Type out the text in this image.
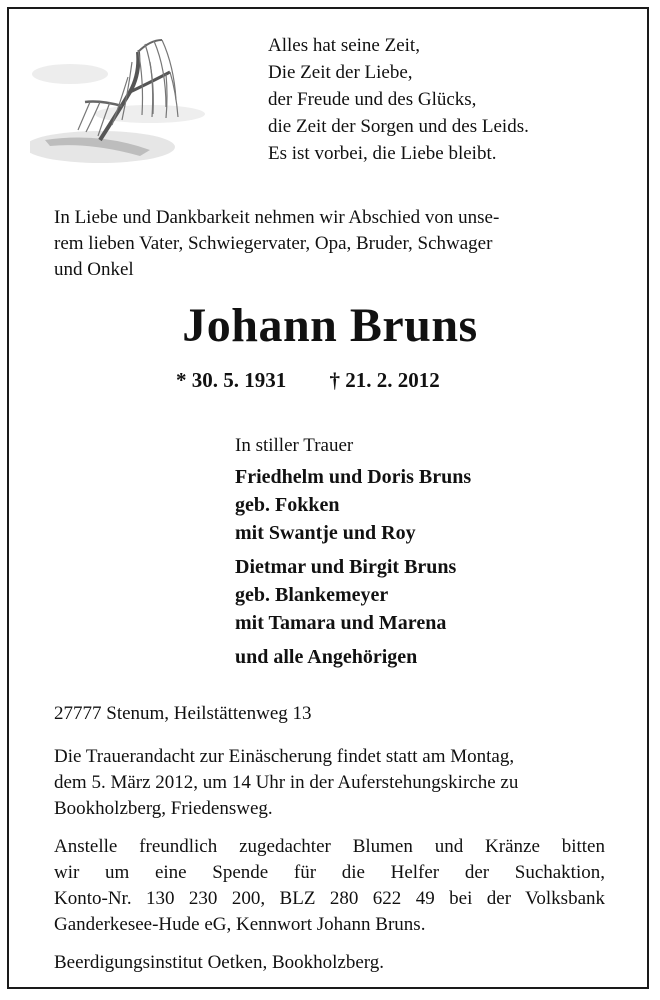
Alles hat seine Zeit,
Die Zeit der Liebe,
der Freude und des Glücks,
die Zeit der Sorgen und des Leids.
Es ist vorbei, die Liebe bleibt.
In Liebe und Dankbarkeit nehmen wir Abschied von unse-
rem lieben Vater, Schwiegervater, Opa, Bruder, Schwager
und Onkel
Johann Bruns
* 30. 5. 1931 † 21. 2. 2012
In stiller Trauer
Friedhelm und Doris Bruns
geb. Fokken
mit Swantje und Roy
Dietmar und Birgit Bruns
geb. Blankemeyer
mit Tamara und Marena
und alle Angehörigen
27777 Stenum, Heilstättenweg 13
Die Trauerandacht zur Einäscherung findet statt am Montag,
dem 5. März 2012, um 14 Uhr in der Auferstehungskirche zu
Bookholzberg, Friedensweg.
Anstelle freundlich zugedachter Blumen und Kränze bitten
wir um eine Spende für die Helfer der Suchaktion,
Konto-Nr. 130 230 200, BLZ 280 622 49 bei der Volksbank
Ganderkesee-Hude eG, Kennwort Johann Bruns.
Beerdigungsinstitut Oetken, Bookholzberg.
